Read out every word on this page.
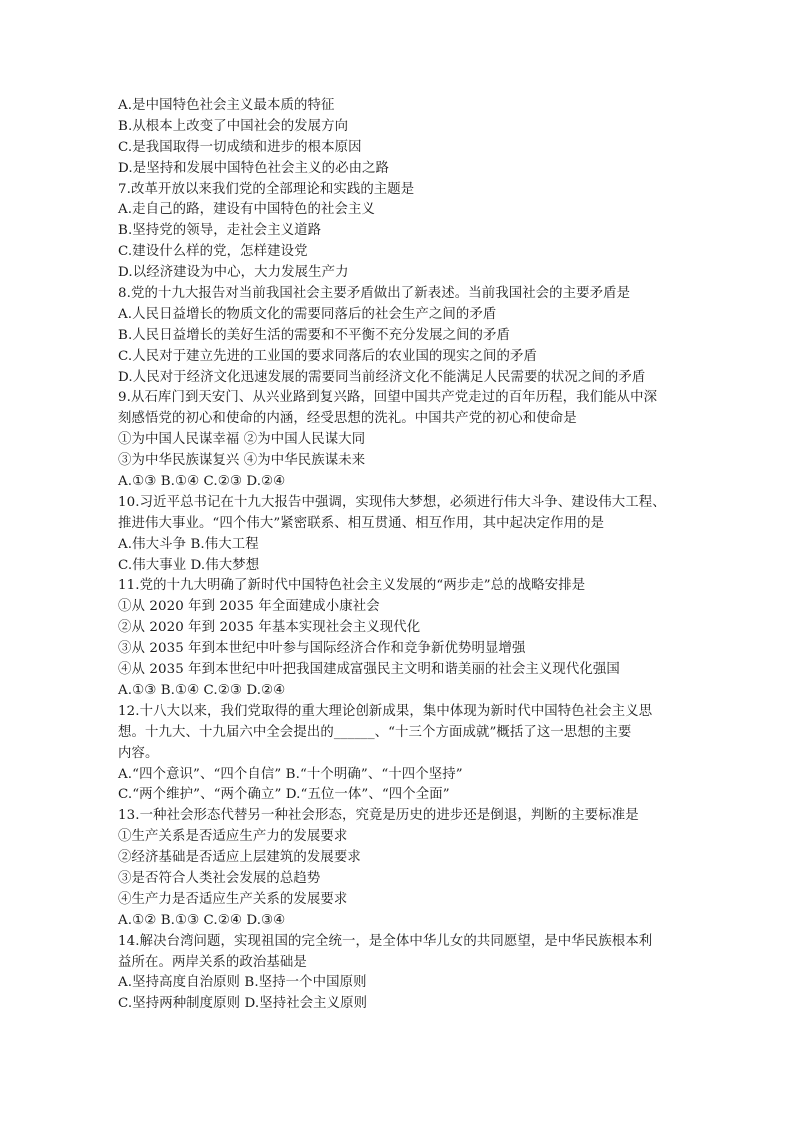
A.是中国特色社会主义最本质的特征
B.从根本上改变了中国社会的发展方向
C.是我国取得一切成绩和进步的根本原因
D.是坚持和发展中国特色社会主义的必由之路
7.改革开放以来我们党的全部理论和实践的主题是
A.走自己的路，建设有中国特色的社会主义
B.坚持党的领导，走社会主义道路
C.建设什么样的党，怎样建设党
D.以经济建设为中心，大力发展生产力
8.党的十九大报告对当前我国社会主要矛盾做出了新表述。当前我国社会的主要矛盾是
A.人民日益增长的物质文化的需要同落后的社会生产之间的矛盾
B.人民日益增长的美好生活的需要和不平衡不充分发展之间的矛盾
C.人民对于建立先进的工业国的要求同落后的农业国的现实之间的矛盾
D.人民对于经济文化迅速发展的需要同当前经济文化不能满足人民需要的状况之间的矛盾
9.从石库门到天安门、从兴业路到复兴路，回望中国共产党走过的百年历程，我们能从中深
刻感悟党的初心和使命的内涵，经受思想的洗礼。中国共产党的初心和使命是
①为中国人民谋幸福 ②为中国人民谋大同
③为中华民族谋复兴 ④为中华民族谋未来
A.①③ B.①④ C.②③ D.②④
10.习近平总书记在十九大报告中强调，实现伟大梦想，必须进行伟大斗争、建设伟大工程、
推进伟大事业。“四个伟大”紧密联系、相互贯通、相互作用，其中起决定作用的是
A.伟大斗争 B.伟大工程
C.伟大事业 D.伟大梦想
11.党的十九大明确了新时代中国特色社会主义发展的“两步走”总的战略安排是
①从 2020 年到 2035 年全面建成小康社会
②从 2020 年到 2035 年基本实现社会主义现代化
③从 2035 年到本世纪中叶参与国际经济合作和竞争新优势明显增强
④从 2035 年到本世纪中叶把我国建成富强民主文明和谐美丽的社会主义现代化强国
A.①③ B.①④ C.②③ D.②④
12.十八大以来，我们党取得的重大理论创新成果，集中体现为新时代中国特色社会主义思
想。十九大、十九届六中全会提出的______、“十三个方面成就”概括了这一思想的主要
内容。
A.“四个意识”、“四个自信” B.“十个明确”、“十四个坚持”
C.“两个维护”、“两个确立” D.“五位一体”、“四个全面”
13.一种社会形态代替另一种社会形态，究竟是历史的进步还是倒退，判断的主要标准是
①生产关系是否适应生产力的发展要求
②经济基础是否适应上层建筑的发展要求
③是否符合人类社会发展的总趋势
④生产力是否适应生产关系的发展要求
A.①② B.①③ C.②④ D.③④
14.解决台湾问题，实现祖国的完全统一，是全体中华儿女的共同愿望，是中华民族根本利
益所在。两岸关系的政治基础是
A.坚持高度自治原则 B.坚持一个中国原则
C.坚持两种制度原则 D.坚持社会主义原则
